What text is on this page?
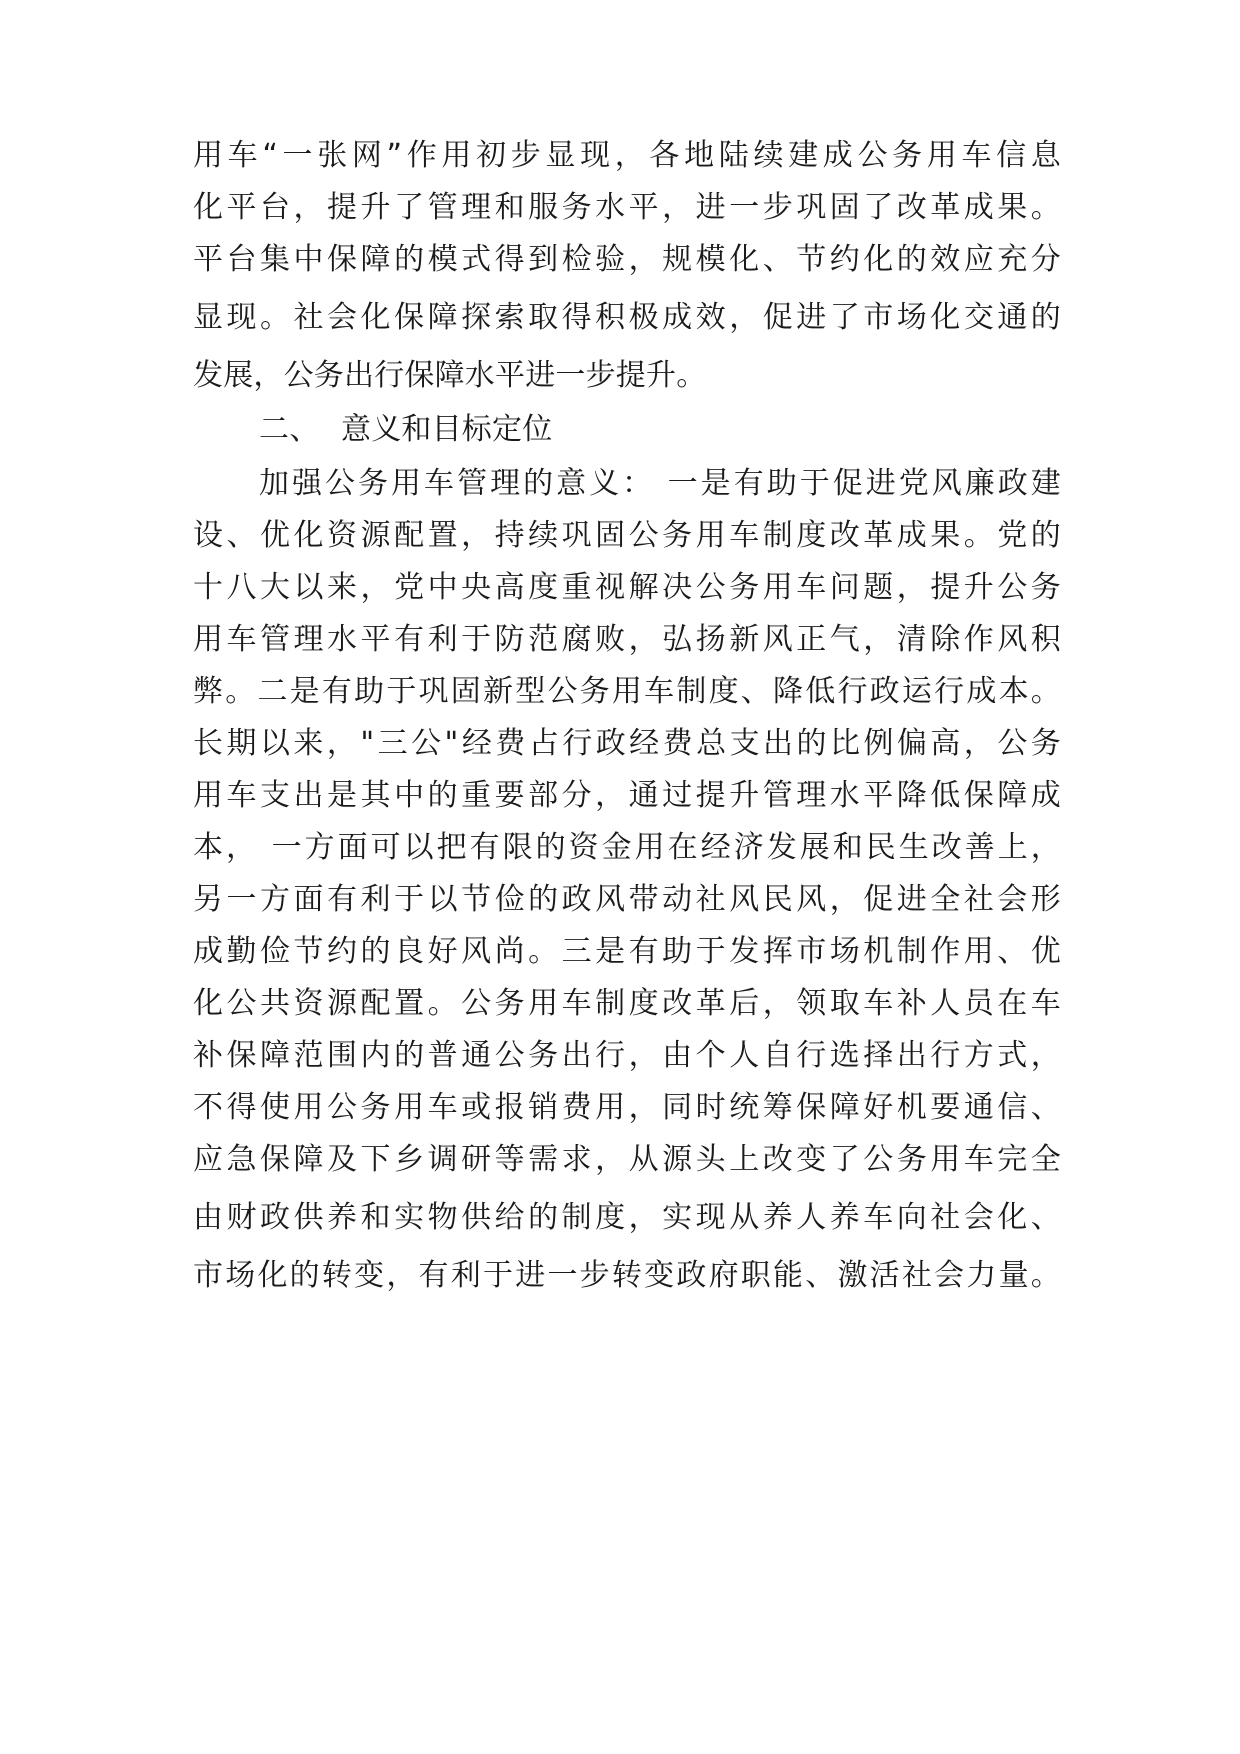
用车“一张网”作用初步显现，各地陆续建成公务用车信息
化平台，提升了管理和服务水平，进一步巩固了改革成果。
平台集中保障的模式得到检验，规模化、节约化的效应充分
显现。社会化保障探索取得积极成效，促进了市场化交通的
发展，公务出行保障水平进一步提升。
二、 意义和目标定位
加强公务用车管理的意义： 一是有助于促进党风廉政建
设、优化资源配置，持续巩固公务用车制度改革成果。党的
十八大以来，党中央高度重视解决公务用车问题，提升公务
用车管理水平有利于防范腐败，弘扬新风正气，清除作风积
弊。二是有助于巩固新型公务用车制度、降低行政运行成本。
长期以来，"三公"经费占行政经费总支出的比例偏高，公务
用车支出是其中的重要部分，通过提升管理水平降低保障成
本， 一方面可以把有限的资金用在经济发展和民生改善上，
另一方面有利于以节俭的政风带动社风民风，促进全社会形
成勤俭节约的良好风尚。三是有助于发挥市场机制作用、优
化公共资源配置。公务用车制度改革后，领取车补人员在车
补保障范围内的普通公务出行，由个人自行选择出行方式，
不得使用公务用车或报销费用，同时统筹保障好机要通信、
应急保障及下乡调研等需求，从源头上改变了公务用车完全
由财政供养和实物供给的制度，实现从养人养车向社会化、
市场化的转变，有利于进一步转变政府职能、激活社会力量。
